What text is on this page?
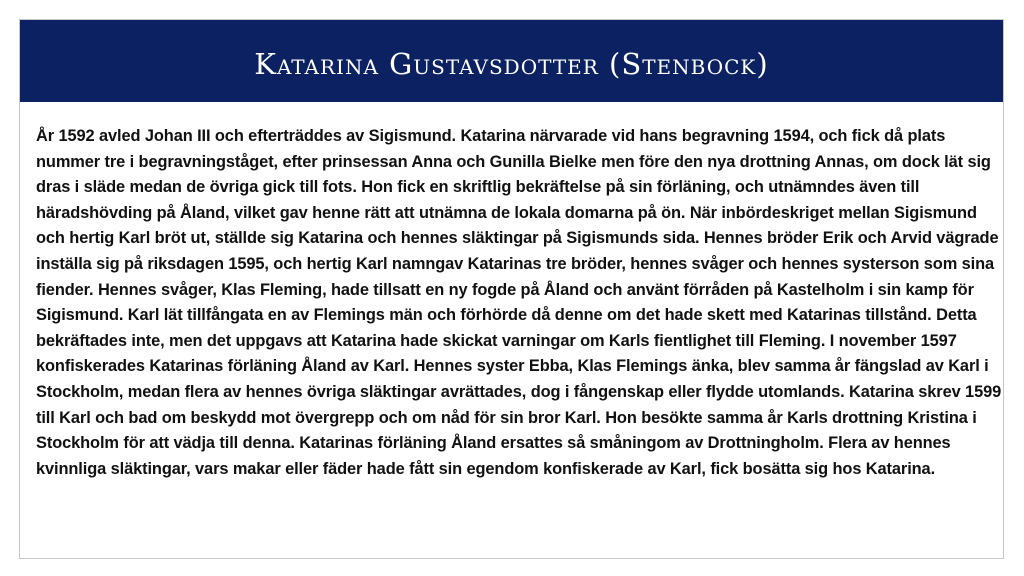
Katarina Gustavsdotter (Stenbock)

År 1592 avled Johan III och efterträddes av Sigismund. Katarina närvarade vid hans begravning 1594, och fick då plats nummer tre i begravningståget, efter prinsessan Anna och Gunilla Bielke men före den nya drottning Annas, om dock lät sig dras i släde medan de övriga gick till fots. Hon fick en skriftlig bekräftelse på sin förläning, och utnämndes även till häradshövding på Åland, vilket gav henne rätt att utnämna de lokala domarna på ön. När inbördeskriget mellan Sigismund och hertig Karl bröt ut, ställde sig Katarina och hennes släktingar på Sigismunds sida. Hennes bröder Erik och Arvid vägrade inställa sig på riksdagen 1595, och hertig Karl namngav Katarinas tre bröder, hennes svåger och hennes systerson som sina fiender. Hennes svåger, Klas Fleming, hade tillsatt en ny fogde på Åland och använt förråden på Kastelholm i sin kamp för Sigismund. Karl lät tillfångata en av Flemings män och förhörde då denne om det hade skett med Katarinas tillstånd. Detta bekräftades inte, men det uppgavs att Katarina hade skickat varningar om Karls fientlighet till Fleming. I november 1597 konfiskerades Katarinas förläning Åland av Karl. Hennes syster Ebba, Klas Flemings änka, blev samma år fängslad av Karl i Stockholm, medan flera av hennes övriga släktingar avrättades, dog i fångenskap eller flydde utomlands. Katarina skrev 1599 till Karl och bad om beskydd mot övergrepp och om nåd för sin bror Karl. Hon besökte samma år Karls drottning Kristina i Stockholm för att vädja till denna. Katarinas förläning Åland ersattes så småningom av Drottningholm. Flera av hennes kvinnliga släktingar, vars makar eller fäder hade fått sin egendom konfiskerade av Karl, fick bosätta sig hos Katarina.
